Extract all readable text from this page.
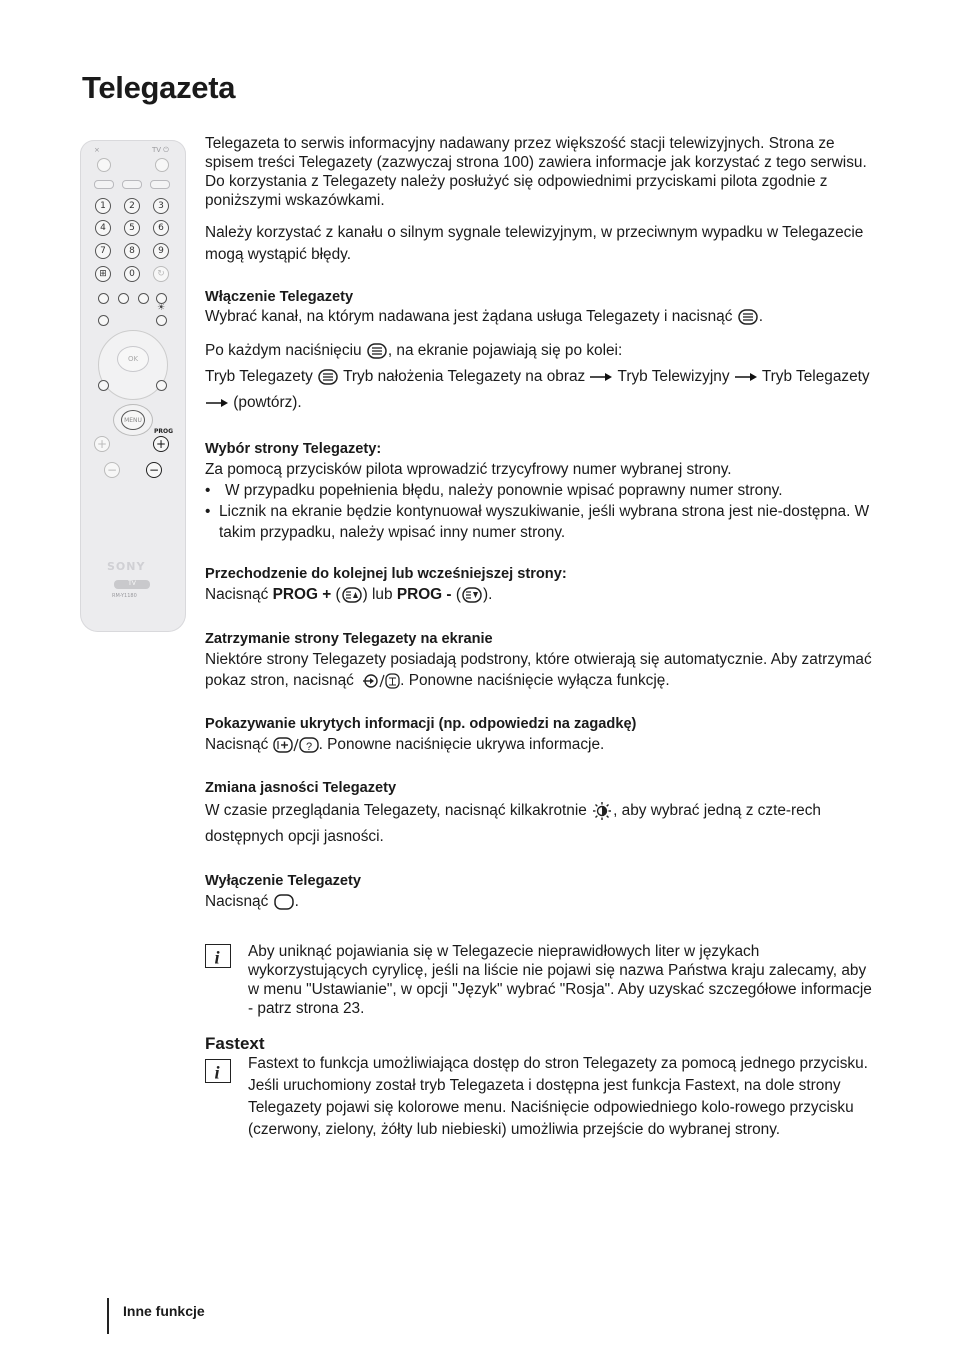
Telegazeta
⨯	TV ⏻
1	2	3
4	5	6
7	8	9
⊞	0	↻
☀
OK
MENU
PROG
+	+
−	−
SONY
TV
RM-Y1180

Telegazeta to serwis informacyjny nadawany przez większość stacji telewizyjnych. Strona ze spisem treści Telegazety (zazwyczaj strona 100) zawiera informacje jak korzystać z tego serwisu. Do korzystania z Telegazety należy posłużyć się odpowiednimi przyciskami pilota zgodnie z poniższymi wskazówkami.

Należy korzystać z kanału o silnym sygnale telewizyjnym, w przeciwnym wypadku w Telegazecie mogą wystąpić błędy.

Włączenie Telegazety

Wybrać kanał, na którym nadawana jest żądana usługa Telegazety i nacisnąć .

Po każdym naciśnięciu , na ekranie pojawiają się po kolei:
Tryb Telegazety Tryb nałożenia Telegazety na obraz Tryb Telewizyjny Tryb Telegazety  (powtórz).

Wybór strony Telegazety:

Za pomocą przycisków pilota wprowadzić trzycyfrowy numer wybranej strony.

• W przypadku popełnienia błędu, należy ponownie wpisać poprawny numer strony.
• Licznik na ekranie będzie kontynuował wyszukiwanie, jeśli wybrana strona jest nie-dostępna. W takim przypadku, należy wpisać inny numer strony.

Przechodzenie do kolejnej lub wcześniejszej strony:

Nacisnąć PROG + ( ) lub PROG - ( ).

Zatrzymanie strony Telegazety na ekranie

Niektóre strony Telegazety posiadają podstrony, które otwierają się automatycznie. Aby zatrzymać pokaz stron, nacisnąć	. Ponowne naciśnięcie wyłącza funkcję.

Pokazywanie ukrytych informacji (np. odpowiedzi na zagadkę)

Nacisnąć	? . Ponowne naciśnięcie ukrywa informacje.

Zmiana jasności Telegazety

W czasie przeglądania Telegazety, nacisnąć kilkakrotnie , aby wybrać jedną z czte-rech dostępnych opcji jasności.

Wyłączenie Telegazety

Nacisnąć .

i Aby uniknąć pojawiania się w Telegazecie nieprawidłowych liter w językach wykorzystujących cyrylicę, jeśli na liście nie pojawi się nazwa Państwa kraju zalecamy, aby w menu "Ustawianie", w opcji "Język" wybrać "Rosja". Aby uzyskać szczegółowe informacje - patrz strona 23.

Fastext

i Fastext to funkcja umożliwiająca dostęp do stron Telegazety za pomocą jednego przycisku.

Jeśli uruchomiony został tryb Telegazeta i dostępna jest funkcja Fastext, na dole strony Telegazety pojawi się kolorowe menu. Naciśnięcie odpowiedniego kolo-rowego przycisku (czerwony, zielony, żółty lub niebieski) umożliwia przejście do wybranej strony.

Inne funkcje
